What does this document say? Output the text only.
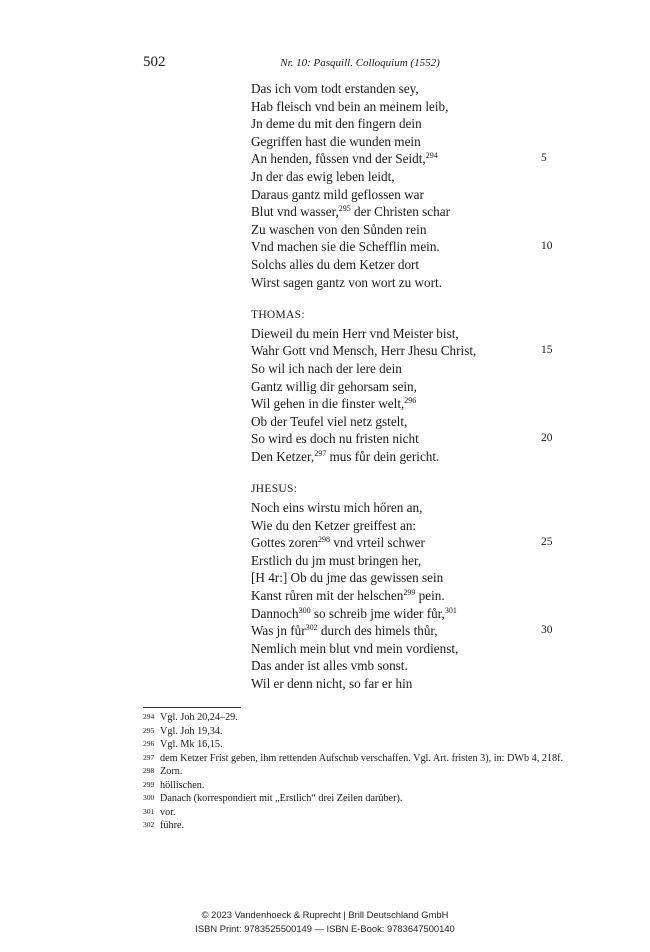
502	Nr. 10: Pasquill. Colloquium (1552)
Das ich vom todt erstanden sey,
Hab fleisch vnd bein an meinem leib,
Jn deme du mit den fingern dein
Gegriffen hast die wunden mein
An henden, fůssen vnd der Seidt,$^{294}$	5
Jn der das ewig leben leidt,
Daraus gantz mild geflossen war
Blut vnd wasser,$^{295}$ der Christen schar
Zu waschen von den Sůnden rein
Vnd machen sie die Schefflin mein.	10
Solchs alles du dem Ketzer dort
Wirst sagen gantz von wort zu wort.
THOMAS:
Dieweil du mein Herr vnd Meister bist,
Wahr Gott vnd Mensch, Herr Jhesu Christ,	15
So wil ich nach der lere dein
Gantz willig dir gehorsam sein,
Wil gehen in die finster welt,$^{296}$
Ob der Teufel viel netz gstelt,
So wird es doch nu fristen nicht	20
Den Ketzer,$^{297}$ mus fůr dein gericht.
JHESUS:
Noch eins wirstu mich hőren an,
Wie du den Ketzer greiffest an:
Gottes zoren$^{298}$ vnd vrteil schwer	25
Erstlich du jm must bringen her,
[H 4r:] Ob du jme das gewissen sein
Kanst růren mit der helschen$^{299}$ pein.
Dannoch$^{300}$ so schreib jme wider fůr,$^{301}$
Was jn fůr$^{302}$ durch des himels thůr,	30
Nemlich mein blut vnd mein vordienst,
Das ander ist alles vmb sonst.
Wil er denn nicht, so far er hin
294 Vgl. Joh 20,24–29.
295 Vgl. Joh 19,34.
296 Vgl. Mk 16,15.
297 dem Ketzer Frist geben, ihm rettenden Aufschub verschaffen. Vgl. Art. fristen 3), in: DWb 4, 218f.
298 Zorn.
299 höllischen.
300 Danach (korrespondiert mit „Erstlich“ drei Zeilen darüber).
301 vor.
302 führe.
© 2023 Vandenhoeck & Ruprecht | Brill Deutschland GmbH
ISBN Print: 9783525500149 — ISBN E-Book: 9783647500140
